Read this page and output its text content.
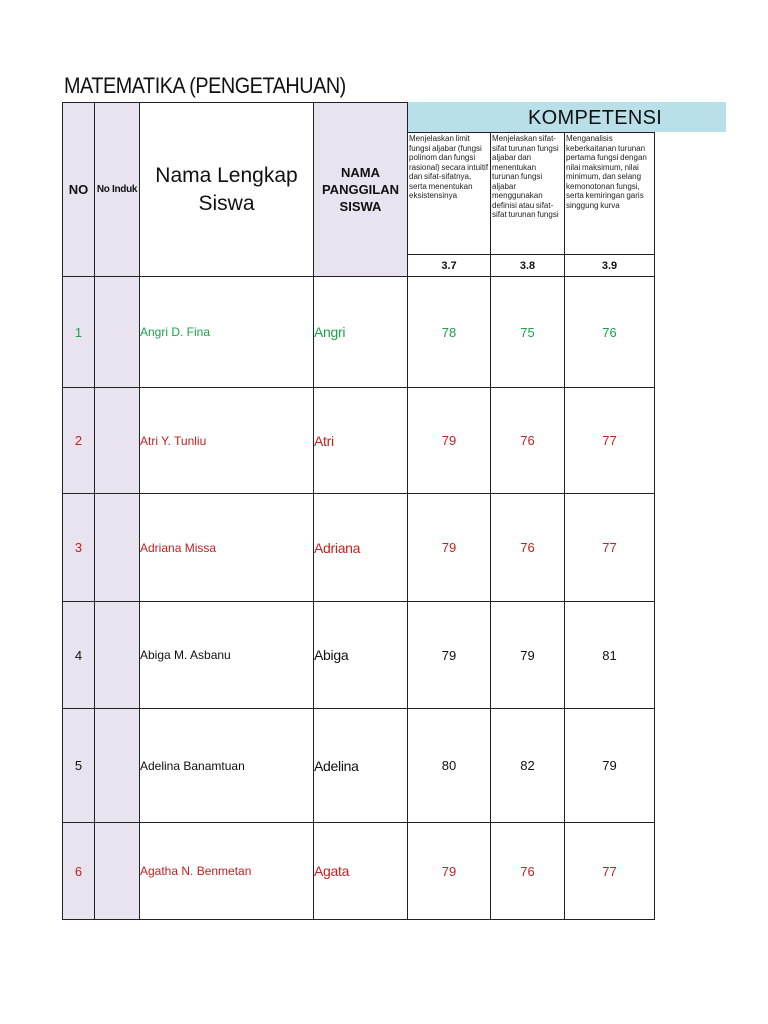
MATEMATIKA (PENGETAHUAN)
KOMPETENSI
NO	No Induk	Nama Lengkap Siswa	NAMA PANGGILAN SISWA			
				Menjelaskan limit fungsi aljabar (fungsi polinom dan fungsi rasional) secara intuitif dan sifat-sifatnya, serta menentukan eksistensinya	Menjelaskan sifat-sifat turunan fungsi aljabar dan menentukan turunan fungsi aljabar menggunakan definisi atau sifat-sifat turunan fungsi	Menganalisis keberkaitanan turunan pertama fungsi dengan nilai maksimum, nilai minimum, dan selang kemonotonan fungsi, serta kemiringan garis singgung kurva
				3.7	3.8	3.9
1		Angri D. Fina	Angri	78	75	76
2		Atri Y. Tunliu	Atri	79	76	77
3		Adriana Missa	Adriana	79	76	77
4		Abiga M. Asbanu	Abiga	79	79	81
5		Adelina Banamtuan	Adelina	80	82	79
6		Agatha N. Benmetan	Agata	79	76	77
